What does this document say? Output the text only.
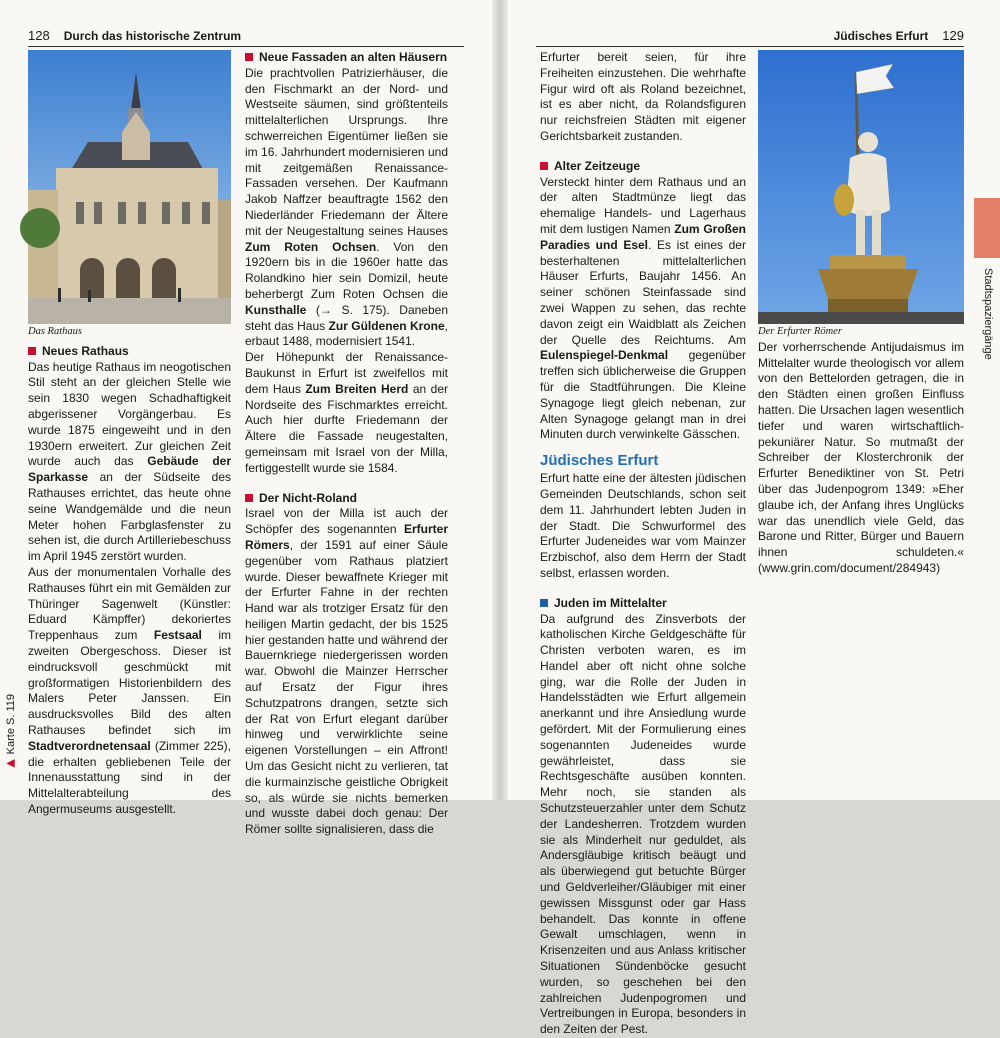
128 Durch das historische Zentrum

Das Rathaus

Neues Rathaus

Das heutige Rathaus im neogotischen Stil steht an der gleichen Stelle wie sein 1830 wegen Schadhaftigkeit abgerissener Vorgängerbau. Es wurde 1875 eingeweiht und in den 1930ern erweitert. Zur gleichen Zeit wurde auch das Gebäude der Sparkasse an der Südseite des Rathauses errichtet, das heute ohne seine Wandgemälde und die neun Meter hohen Farbglasfenster zu sehen ist, die durch Artilleriebeschuss im April 1945 zerstört wurden.

Aus der monumentalen Vorhalle des Rathauses führt ein mit Gemälden zur Thüringer Sagenwelt (Künstler: Eduard Kämpffer) dekoriertes Treppenhaus zum Festsaal im zweiten Obergeschoss. Dieser ist eindrucksvoll geschmückt mit großformatigen Historienbildern des Malers Peter Janssen. Ein ausdrucksvolles Bild des alten Rathauses befindet sich im Stadtverordnetensaal (Zimmer 225), die erhalten gebliebenen Teile der Innenausstattung sind in der Mittelalterabteilung des Angermuseums ausgestellt.

Neue Fassaden an alten Häusern

Die prachtvollen Patrizierhäuser, die den Fischmarkt an der Nord- und Westseite säumen, sind größtenteils mittelalterlichen Ursprungs. Ihre schwerreichen Eigentümer ließen sie im 16. Jahrhundert modernisieren und mit zeitgemäßen Renaissance-Fassaden versehen. Der Kaufmann Jakob Naffzer beauftragte 1562 den Niederländer Friedemann der Ältere mit der Neugestaltung seines Hauses Zum Roten Ochsen. Von den 1920ern bis in die 1960er hatte das Rolandkino hier sein Domizil, heute beherbergt Zum Roten Ochsen die Kunsthalle (→ S. 175). Daneben steht das Haus Zur Güldenen Krone, erbaut 1488, modernisiert 1541.

Der Höhepunkt der Renaissance-Baukunst in Erfurt ist zweifellos mit dem Haus Zum Breiten Herd an der Nordseite des Fischmarktes erreicht. Auch hier durfte Friedemann der Ältere die Fassade neugestalten, gemeinsam mit Israel von der Milla, fertiggestellt wurde sie 1584.

Der Nicht-Roland

Israel von der Milla ist auch der Schöpfer des sogenannten Erfurter Römers, der 1591 auf einer Säule gegenüber vom Rathaus platziert wurde. Dieser bewaffnete Krieger mit der Erfurter Fahne in der rechten Hand war als trotziger Ersatz für den heiligen Martin gedacht, der bis 1525 hier gestanden hatte und während der Bauernkriege niedergerissen worden war. Obwohl die Mainzer Herrscher auf Ersatz der Figur ihres Schutzpatrons drangen, setzte sich der Rat von Erfurt elegant darüber hinweg und verwirklichte seine eigenen Vorstellungen – ein Affront! Um das Gesicht nicht zu verlieren, tat die kurmainzische geistliche Obrigkeit so, als würde sie nichts bemerken und wusste dabei doch genau: Der Römer sollte signalisieren, dass die

▶ Karte S. 119
Jüdisches Erfurt 129

Erfurter bereit seien, für ihre Freiheiten einzustehen. Die wehrhafte Figur wird oft als Roland bezeichnet, ist es aber nicht, da Rolandsfiguren nur reichsfreien Städten mit eigener Gerichtsbarkeit zustanden.

Alter Zeitzeuge

Versteckt hinter dem Rathaus und an der alten Stadtmünze liegt das ehemalige Handels- und Lagerhaus mit dem lustigen Namen Zum Großen Paradies und Esel. Es ist eines der besterhaltenen mittelalterlichen Häuser Erfurts, Baujahr 1456. An seiner schönen Steinfassade sind zwei Wappen zu sehen, das rechte davon zeigt ein Waidblatt als Zeichen der Quelle des Reichtums. Am Eulenspiegel-Denkmal gegenüber treffen sich üblicherweise die Gruppen für die Stadtführungen. Die Kleine Synagoge liegt gleich nebenan, zur Alten Synagoge gelangt man in drei Minuten durch verwinkelte Gässchen.

Jüdisches Erfurt

Erfurt hatte eine der ältesten jüdischen Gemeinden Deutschlands, schon seit dem 11. Jahrhundert lebten Juden in der Stadt. Die Schwurformel des Erfurter Judeneides war vom Mainzer Erzbischof, also dem Herrn der Stadt selbst, erlassen worden.

Juden im Mittelalter

Da aufgrund des Zinsverbots der katholischen Kirche Geldgeschäfte für Christen verboten waren, es im Handel aber oft nicht ohne solche ging, war die Rolle der Juden in Handelsstädten wie Erfurt allgemein anerkannt und ihre Ansiedlung wurde gefördert. Mit der Formulierung eines sogenannten Judeneides wurde gewährleistet, dass sie Rechtsgeschäfte ausüben konnten. Mehr noch, sie standen als Schutzsteuerzahler unter dem Schutz der Landesherren. Trotzdem wurden sie als Minderheit nur geduldet, als Andersgläubige kritisch beäugt und als überwiegend gut betuchte Bürger und Geldverleiher/Gläubiger mit einer gewissen Missgunst oder gar Hass behandelt. Das konnte in offene Gewalt umschlagen, wenn in Krisenzeiten und aus Anlass kritischer Situationen Sündenböcke gesucht wurden, so geschehen bei den zahlreichen Judenpogromen und Vertreibungen in Europa, besonders in den Zeiten der Pest.

Der Erfurter Römer

Der vorherrschende Antijudaismus im Mittelalter wurde theologisch vor allem von den Bettelorden getragen, die in den Städten einen großen Einfluss hatten. Die Ursachen lagen wesentlich tiefer und waren wirtschaftlich-pekuniärer Natur. So mutmaßt der Schreiber der Klosterchronik der Erfurter Benediktiner von St. Petri über das Judenpogrom 1349: »Eher glaube ich, der Anfang ihres Unglücks war das unendlich viele Geld, das Barone und Ritter, Bürger und Bauern ihnen schuldeten.« (www.grin.com/document/284943)

Stadtspaziergänge
